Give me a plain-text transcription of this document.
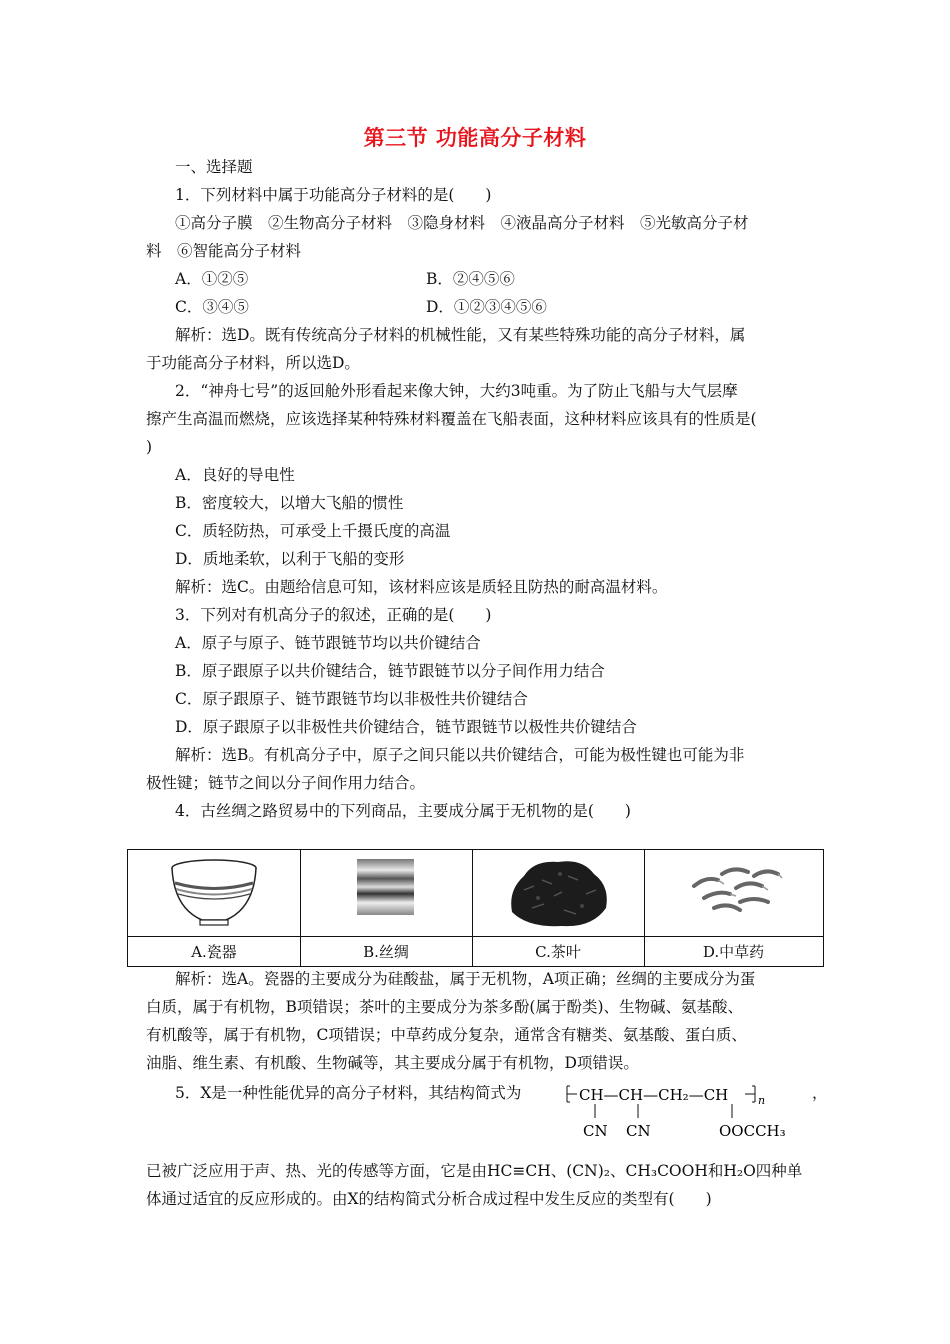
第三节 功能高分子材料
一、选择题
1．下列材料中属于功能高分子材料的是(　　)
①高分子膜　②生物高分子材料　③隐身材料　④液晶高分子材料　⑤光敏高分子材
料　⑥智能高分子材料
A．①②⑤	B．②④⑤⑥
C．③④⑤	D．①②③④⑤⑥
解析：选D。既有传统高分子材料的机械性能，又有某些特殊功能的高分子材料，属
于功能高分子材料，所以选D。
2．“神舟七号”的返回舱外形看起来像大钟，大约3吨重。为了防止飞船与大气层摩
擦产生高温而燃烧，应该选择某种特殊材料覆盖在飞船表面，这种材料应该具有的性质是(
)
A．良好的导电性
B．密度较大，以增大飞船的惯性
C．质轻防热，可承受上千摄氏度的高温
D．质地柔软，以利于飞船的变形
解析：选C。由题给信息可知，该材料应该是质轻且防热的耐高温材料。
3．下列对有机高分子的叙述，正确的是(　　)
A．原子与原子、链节跟链节均以共价键结合
B．原子跟原子以共价键结合，链节跟链节以分子间作用力结合
C．原子跟原子、链节跟链节均以非极性共价键结合
D．原子跟原子以非极性共价键结合，链节跟链节以极性共价键结合
解析：选B。有机高分子中，原子之间只能以共价键结合，可能为极性键也可能为非
极性键；链节之间以分子间作用力结合。
4．古丝绸之路贸易中的下列商品，主要成分属于无机物的是(　　)
A.瓷器	B.丝绸	C.茶叶	D.中草药
解析：选A。瓷器的主要成分为硅酸盐，属于无机物，A项正确；丝绸的主要成分为蛋
白质，属于有机物，B项错误；茶叶的主要成分为茶多酚(属于酚类)、生物碱、氨基酸、
有机酸等，属于有机物，C项错误；中草药成分复杂，通常含有糖类、氨基酸、蛋白质、
油脂、维生素、有机酸、生物碱等，其主要成分属于有机物，D项错误。
5．X是一种性能优异的高分子材料，其结构简式为	CH—CH—CH₂—CH	n
CN CN	OOCCH₃
，
已被广泛应用于声、热、光的传感等方面，它是由HC≡CH、(CN)₂、CH₃COOH和H₂O四种单
体通过适宜的反应形成的。由X的结构简式分析合成过程中发生反应的类型有(　　)
